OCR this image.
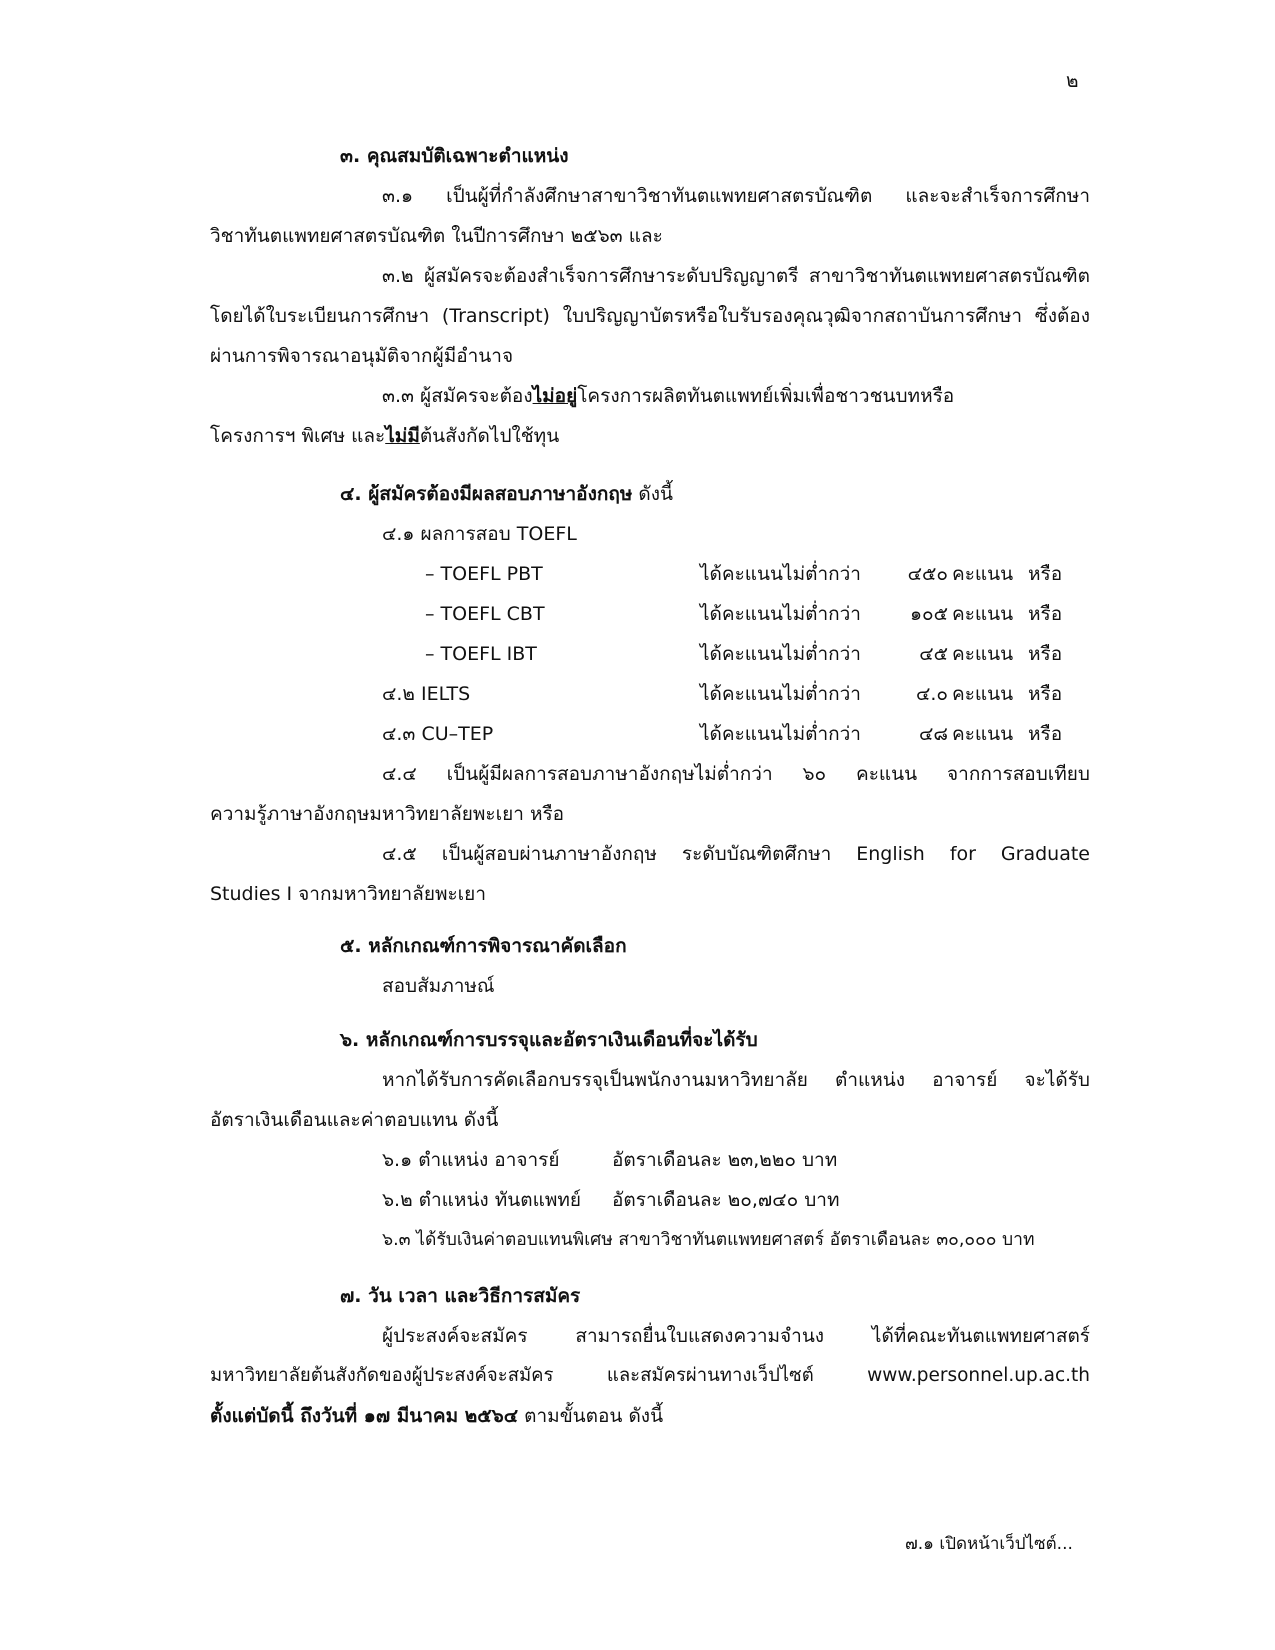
๒
๓. คุณสมบัติเฉพาะตำแหน่ง
๓.๑ เป็นผู้ที่กำลังศึกษาสาขาวิชาทันตแพทยศาสตรบัณฑิต และจะสำเร็จการศึกษา
วิชาทันตแพทยศาสตรบัณฑิต ในปีการศึกษา ๒๕๖๓ และ
๓.๒ ผู้สมัครจะต้องสำเร็จการศึกษาระดับปริญญาตรี สาขาวิชาทันตแพทยศาสตรบัณฑิต
โดยได้ใบระเบียนการศึกษา (Transcript) ใบปริญญาบัตรหรือใบรับรองคุณวุฒิจากสถาบันการศึกษา ซึ่งต้อง
ผ่านการพิจารณาอนุมัติจากผู้มีอำนาจ
๓.๓ ผู้สมัครจะต้องไม่อยู่โครงการผลิตทันตแพทย์เพิ่มเพื่อชาวชนบทหรือ
โครงการฯ พิเศษ และไม่มีต้นสังกัดไปใช้ทุน
๔. ผู้สมัครต้องมีผลสอบภาษาอังกฤษ ดังนี้
๔.๑ ผลการสอบ TOEFL
– TOEFL PBT	ได้คะแนนไม่ต่ำกว่า	๔๕๐ คะแนน หรือ
– TOEFL CBT	ได้คะแนนไม่ต่ำกว่า	๑๐๕ คะแนน หรือ
– TOEFL IBT	ได้คะแนนไม่ต่ำกว่า	๔๕ คะแนน หรือ
๔.๒ IELTS	ได้คะแนนไม่ต่ำกว่า	๔.๐ คะแนน หรือ
๔.๓ CU–TEP	ได้คะแนนไม่ต่ำกว่า	๔๘ คะแนน หรือ
๔.๔ เป็นผู้มีผลการสอบภาษาอังกฤษไม่ต่ำกว่า ๖๐ คะแนน จากการสอบเทียบ
ความรู้ภาษาอังกฤษมหาวิทยาลัยพะเยา หรือ
๔.๕ เป็นผู้สอบผ่านภาษาอังกฤษ ระดับบัณฑิตศึกษา English for Graduate
Studies I จากมหาวิทยาลัยพะเยา
๕. หลักเกณฑ์การพิจารณาคัดเลือก
สอบสัมภาษณ์
๖. หลักเกณฑ์การบรรจุและอัตราเงินเดือนที่จะได้รับ
หากได้รับการคัดเลือกบรรจุเป็นพนักงานมหาวิทยาลัย ตำแหน่ง อาจารย์ จะได้รับ
อัตราเงินเดือนและค่าตอบแทน ดังนี้
๖.๑ ตำแหน่ง อาจารย์	อัตราเดือนละ ๒๓,๒๒๐ บาท
๖.๒ ตำแหน่ง ทันตแพทย์ อัตราเดือนละ ๒๐,๗๔๐ บาท
๖.๓ ได้รับเงินค่าตอบแทนพิเศษ สาขาวิชาทันตแพทยศาสตร์ อัตราเดือนละ ๓๐,๐๐๐ บาท
๗. วัน เวลา และวิธีการสมัคร
ผู้ประสงค์จะสมัคร สามารถยื่นใบแสดงความจำนง ได้ที่คณะทันตแพทยศาสตร์
มหาวิทยาลัยต้นสังกัดของผู้ประสงค์จะสมัคร และสมัครผ่านทางเว็ปไซต์ www.personnel.up.ac.th
ตั้งแต่บัดนี้ ถึงวันที่ ๑๗ มีนาคม ๒๕๖๔ ตามขั้นตอน ดังนี้
๗.๑ เปิดหน้าเว็ปไซต์...
